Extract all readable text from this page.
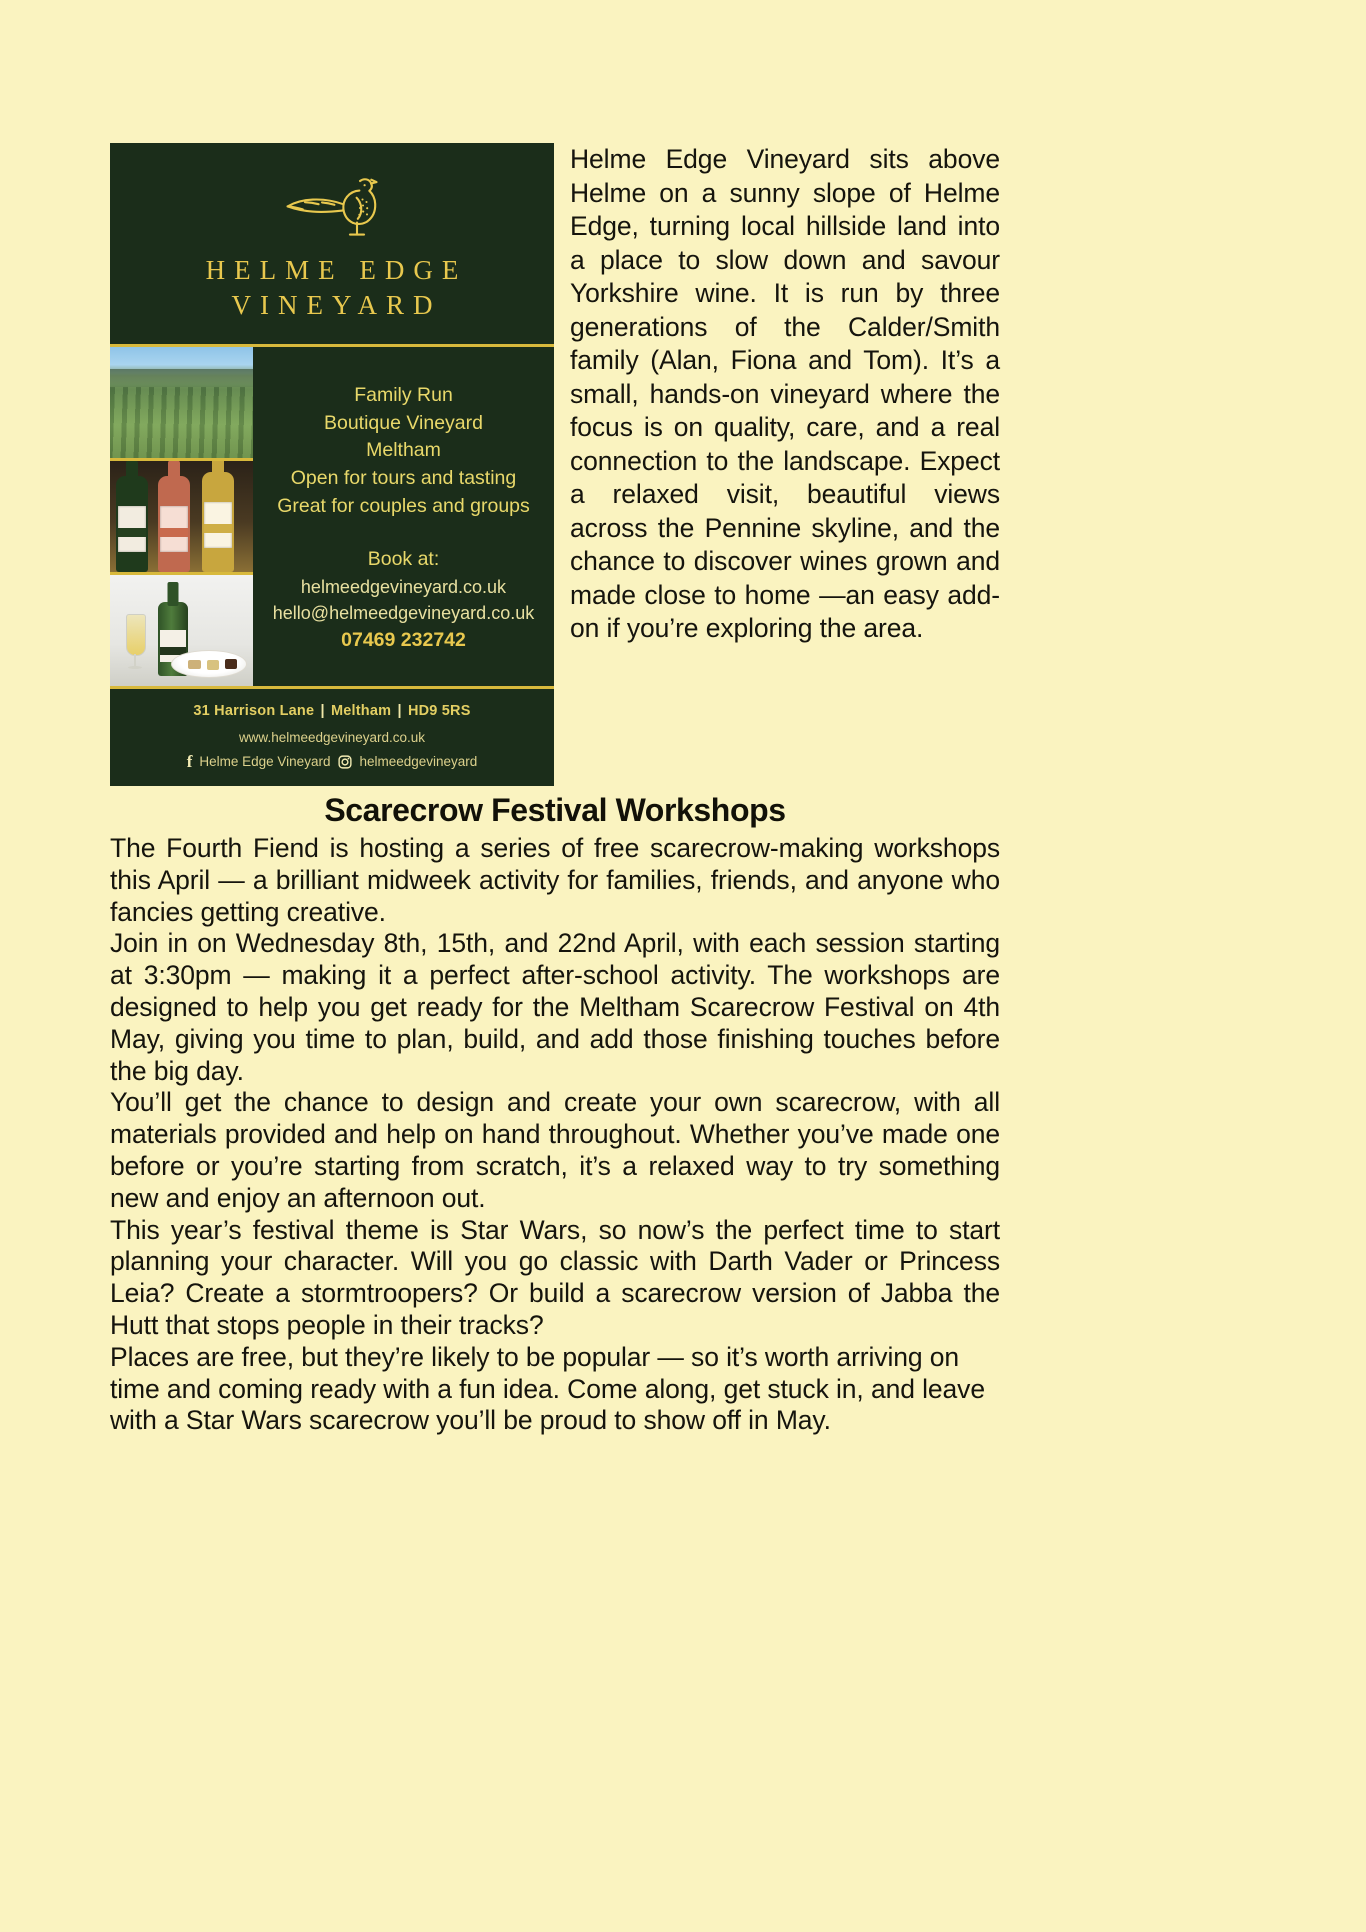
HELME EDGE
VINEYARD
Family Run
Boutique Vineyard
Meltham
Open for tours and tasting
Great for couples and groups
Book at:
helmeedgevineyard.co.uk
hello@helmeedgevineyard.co.uk
07469 232742
31 Harrison Lane | Meltham | HD9 5RS
www.helmeedgevineyard.co.uk
f Helme Edge Vineyard helmeedgevineyard
Helme Edge Vineyard sits above Helme on a sunny slope of Helme Edge, turning local hillside land into a place to slow down and savour Yorkshire wine. It is run by three generations of the Calder/Smith family (Alan, Fiona and Tom). It’s a small, hands-on vineyard where the focus is on quality, care, and a real connection to the landscape. Expect a relaxed visit, beautiful views across the Pennine skyline, and the chance to discover wines grown and made close to home —an easy add-on if you’re exploring the area.
Scarecrow Festival Workshops

The Fourth Fiend is hosting a series of free scarecrow-making workshops this April — a brilliant midweek activity for families, friends, and anyone who fancies getting creative.

Join in on Wednesday 8th, 15th, and 22nd April, with each session starting at 3:30pm — making it a perfect after-school activity. The workshops are designed to help you get ready for the Meltham Scarecrow Festival on 4th May, giving you time to plan, build, and add those finishing touches before the big day.

You’ll get the chance to design and create your own scarecrow, with all materials provided and help on hand throughout. Whether you’ve made one before or you’re starting from scratch, it’s a relaxed way to try something new and enjoy an afternoon out.

This year’s festival theme is Star Wars, so now’s the perfect time to start planning your character. Will you go classic with Darth Vader or Princess Leia? Create a stormtroopers? Or build a scarecrow version of Jabba the Hutt that stops people in their tracks?

Places are free, but they’re likely to be popular — so it’s worth arriving on time and coming ready with a fun idea. Come along, get stuck in, and leave with a Star Wars scarecrow you’ll be proud to show off in May.
